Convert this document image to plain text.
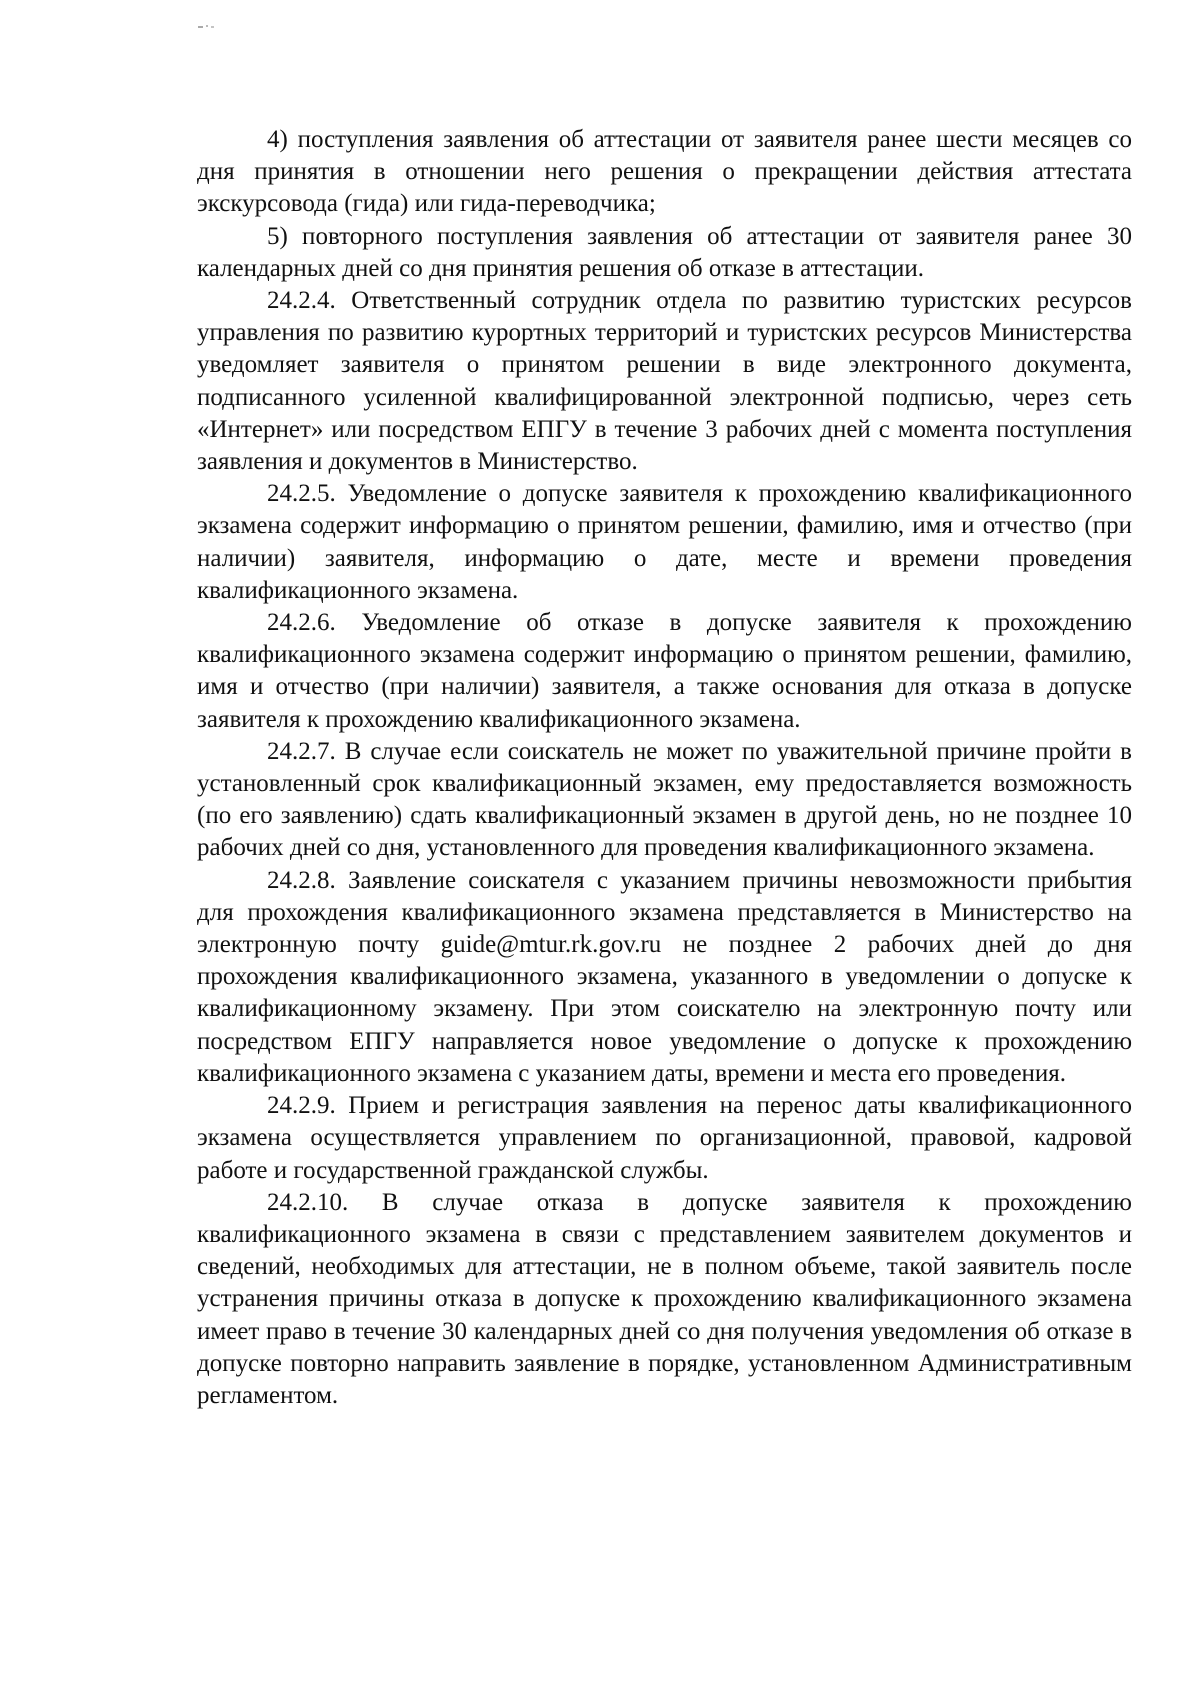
4) поступления заявления об аттестации от заявителя ранее шести месяцев со дня принятия в отношении него решения о прекращении действия аттестата экскурсовода (гида) или гида-переводчика;

5) повторного поступления заявления об аттестации от заявителя ранее 30 календарных дней со дня принятия решения об отказе в аттестации.

24.2.4. Ответственный сотрудник отдела по развитию туристских ресурсов управления по развитию курортных территорий и туристских ресурсов Министерства уведомляет заявителя о принятом решении в виде электронного документа, подписанного усиленной квалифицированной электронной подписью, через сеть «Интернет» или посредством ЕПГУ в течение 3 рабочих дней с момента поступления заявления и документов в Министерство.

24.2.5. Уведомление о допуске заявителя к прохождению квалификационного экзамена содержит информацию о принятом решении, фамилию, имя и отчество (при наличии) заявителя, информацию о дате, месте и времени проведения квалификационного экзамена.

24.2.6. Уведомление об отказе в допуске заявителя к прохождению квалификационного экзамена содержит информацию о принятом решении, фамилию, имя и отчество (при наличии) заявителя, а также основания для отказа в допуске заявителя к прохождению квалификационного экзамена.

24.2.7. В случае если соискатель не может по уважительной причине пройти в установленный срок квалификационный экзамен, ему предоставляется возможность (по его заявлению) сдать квалификационный экзамен в другой день, но не позднее 10 рабочих дней со дня, установленного для проведения квалификационного экзамена.

24.2.8. Заявление соискателя с указанием причины невозможности прибытия для прохождения квалификационного экзамена представляется в Министерство на электронную почту guide@mtur.rk.gov.ru не позднее 2 рабочих дней до дня прохождения квалификационного экзамена, указанного в уведомлении о допуске к квалификационному экзамену. При этом соискателю на электронную почту или посредством ЕПГУ направляется новое уведомление о допуске к прохождению квалификационного экзамена с указанием даты, времени и места его проведения.

24.2.9. Прием и регистрация заявления на перенос даты квалификационного экзамена осуществляется управлением по организационной, правовой, кадровой работе и государственной гражданской службы.

24.2.10. В случае отказа в допуске заявителя к прохождению квалификационного экзамена в связи с представлением заявителем документов и сведений, необходимых для аттестации, не в полном объеме, такой заявитель после устранения причины отказа в допуске к прохождению квалификационного экзамена имеет право в течение 30 календарных дней со дня получения уведомления об отказе в допуске повторно направить заявление в порядке, установленном Административным регламентом.
